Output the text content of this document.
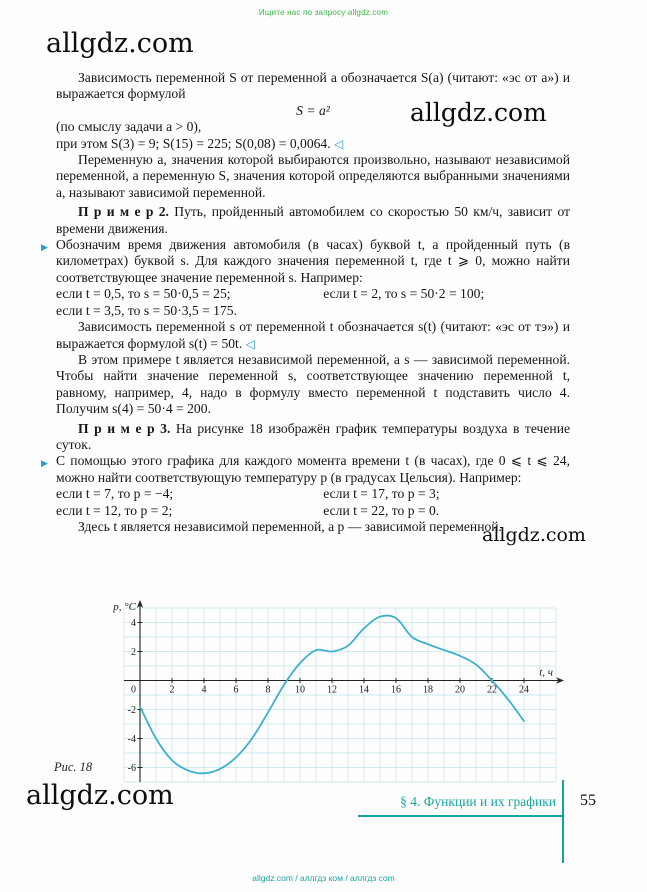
Ищите нас по запросу allgdz.com
allgdz.com
allgdz.com
allgdz.com
allgdz.com

Зависимость переменной S от переменной a обозначается S(a) (читают: «эс от а») и выражается формулой

S = a²

(по смыслу задачи a > 0),

при этом S(3) = 9; S(15) = 225; S(0,08) = 0,0064. ◁

Переменную a, значения которой выбираются произвольно, называют независимой переменной, а переменную S, значения которой определяются выбранными значениями a, называют зависимой переменной.

П р и м е р 2. Путь, пройденный автомобилем со скоростью 50 км/ч, зависит от времени движения.

▶ Обозначим время движения автомобиля (в часах) буквой t, а пройденный путь (в километрах) буквой s. Для каждого значения переменной t, где t ⩾ 0, можно найти соответствующее значение переменной s. Например:

если t = 0,5, то s = 50·0,5 = 25;	если t = 2, то s = 50·2 = 100;
если t = 3,5, то s = 50·3,5 = 175.

Зависимость переменной s от переменной t обозначается s(t) (читают: «эс от тэ») и выражается формулой s(t) = 50t. ◁

В этом примере t является независимой переменной, а s — зависимой переменной. Чтобы найти значение переменной s, соответствующее значению переменной t, равному, например, 4, надо в формулу вместо переменной t подставить число 4. Получим s(4) = 50·4 = 200.

П р и м е р 3. На рисунке 18 изображён график температуры воздуха в течение суток.

▶ С помощью этого графика для каждого момента времени t (в часах), где 0 ⩽ t ⩽ 24, можно найти соответствующую температуру p (в градусах Цельсия). Например:

если t = 7, то p = −4;	если t = 17, то p = 3;
если t = 12, то p = 2;	если t = 22, то p = 0.

Здесь t является независимой переменной, а p — зависимой переменной.

2	4	6	8 10 12 14 16 18 20 22 24
0
4
2
-2
-4
-6
p, °C
t, ч
Рис. 18
§ 4. Функции и их графики 55
allgdz.com / аллгдз ком / аллгдз com
